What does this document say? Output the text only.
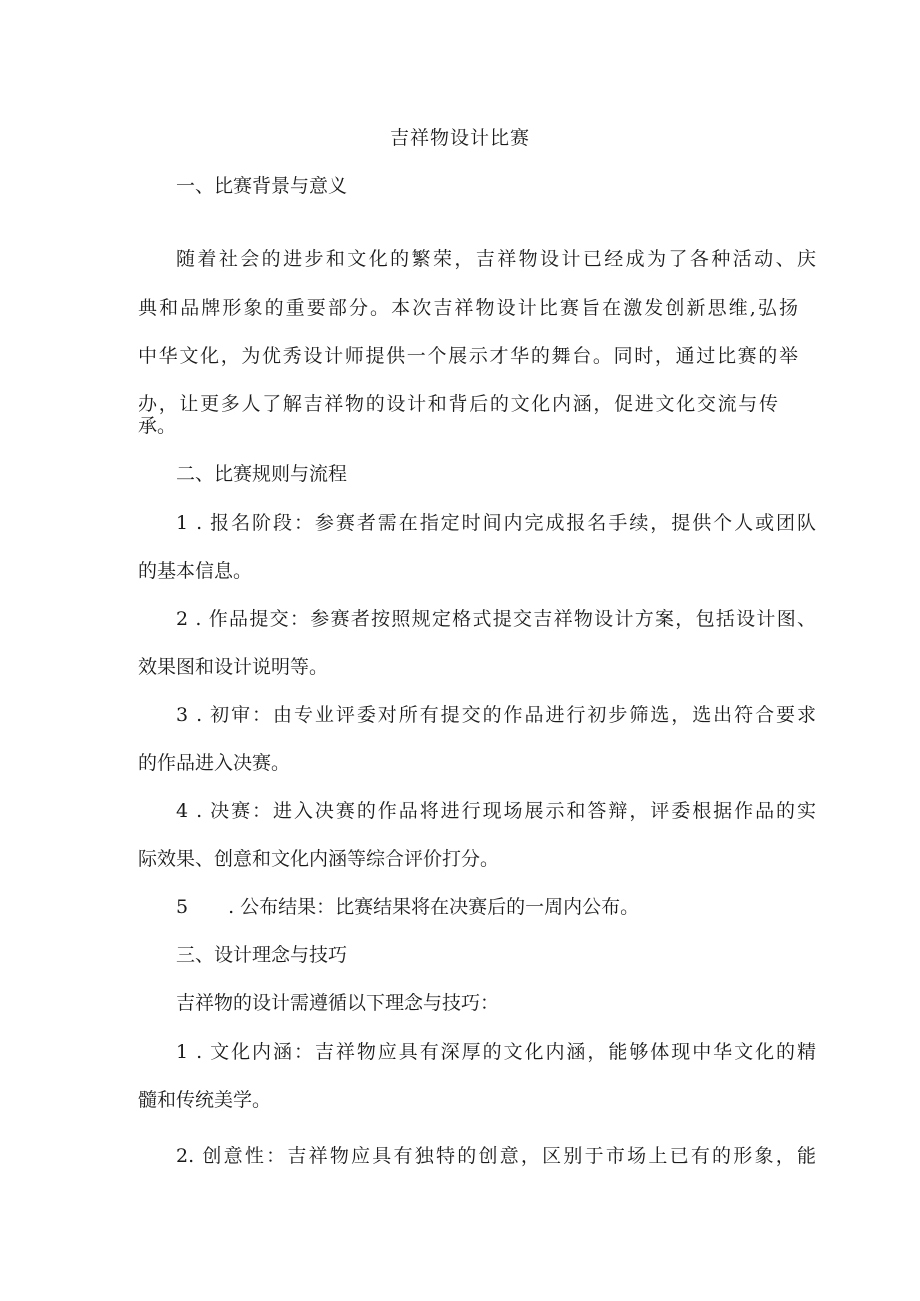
吉祥物设计比赛
一、比赛背景与意义
随着社会的进步和文化的繁荣，吉祥物设计已经成为了各种活动、庆
典和品牌形象的重要部分。本次吉祥物设计比赛旨在激发创新思维,弘扬
中华文化，为优秀设计师提供一个展示才华的舞台。同时，通过比赛的举
办，让更多人了解吉祥物的设计和背后的文化内涵，促进文化交流与传
承。
二、比赛规则与流程
1 . 报名阶段：参赛者需在指定时间内完成报名手续，提供个人或团队
的基本信息。
2 . 作品提交：参赛者按照规定格式提交吉祥物设计方案，包括设计图、
效果图和设计说明等。
3 . 初审：由专业评委对所有提交的作品进行初步筛选，选出符合要求
的作品进入决赛。
4 . 决赛：进入决赛的作品将进行现场展示和答辩，评委根据作品的实
际效果、创意和文化内涵等综合评价打分。
5 . 公布结果：比赛结果将在决赛后的一周内公布。
三、设计理念与技巧
吉祥物的设计需遵循以下理念与技巧：
1 . 文化内涵：吉祥物应具有深厚的文化内涵，能够体现中华文化的精
髓和传统美学。
2. 创意性：吉祥物应具有独特的创意，区别于市场上已有的形象，能
